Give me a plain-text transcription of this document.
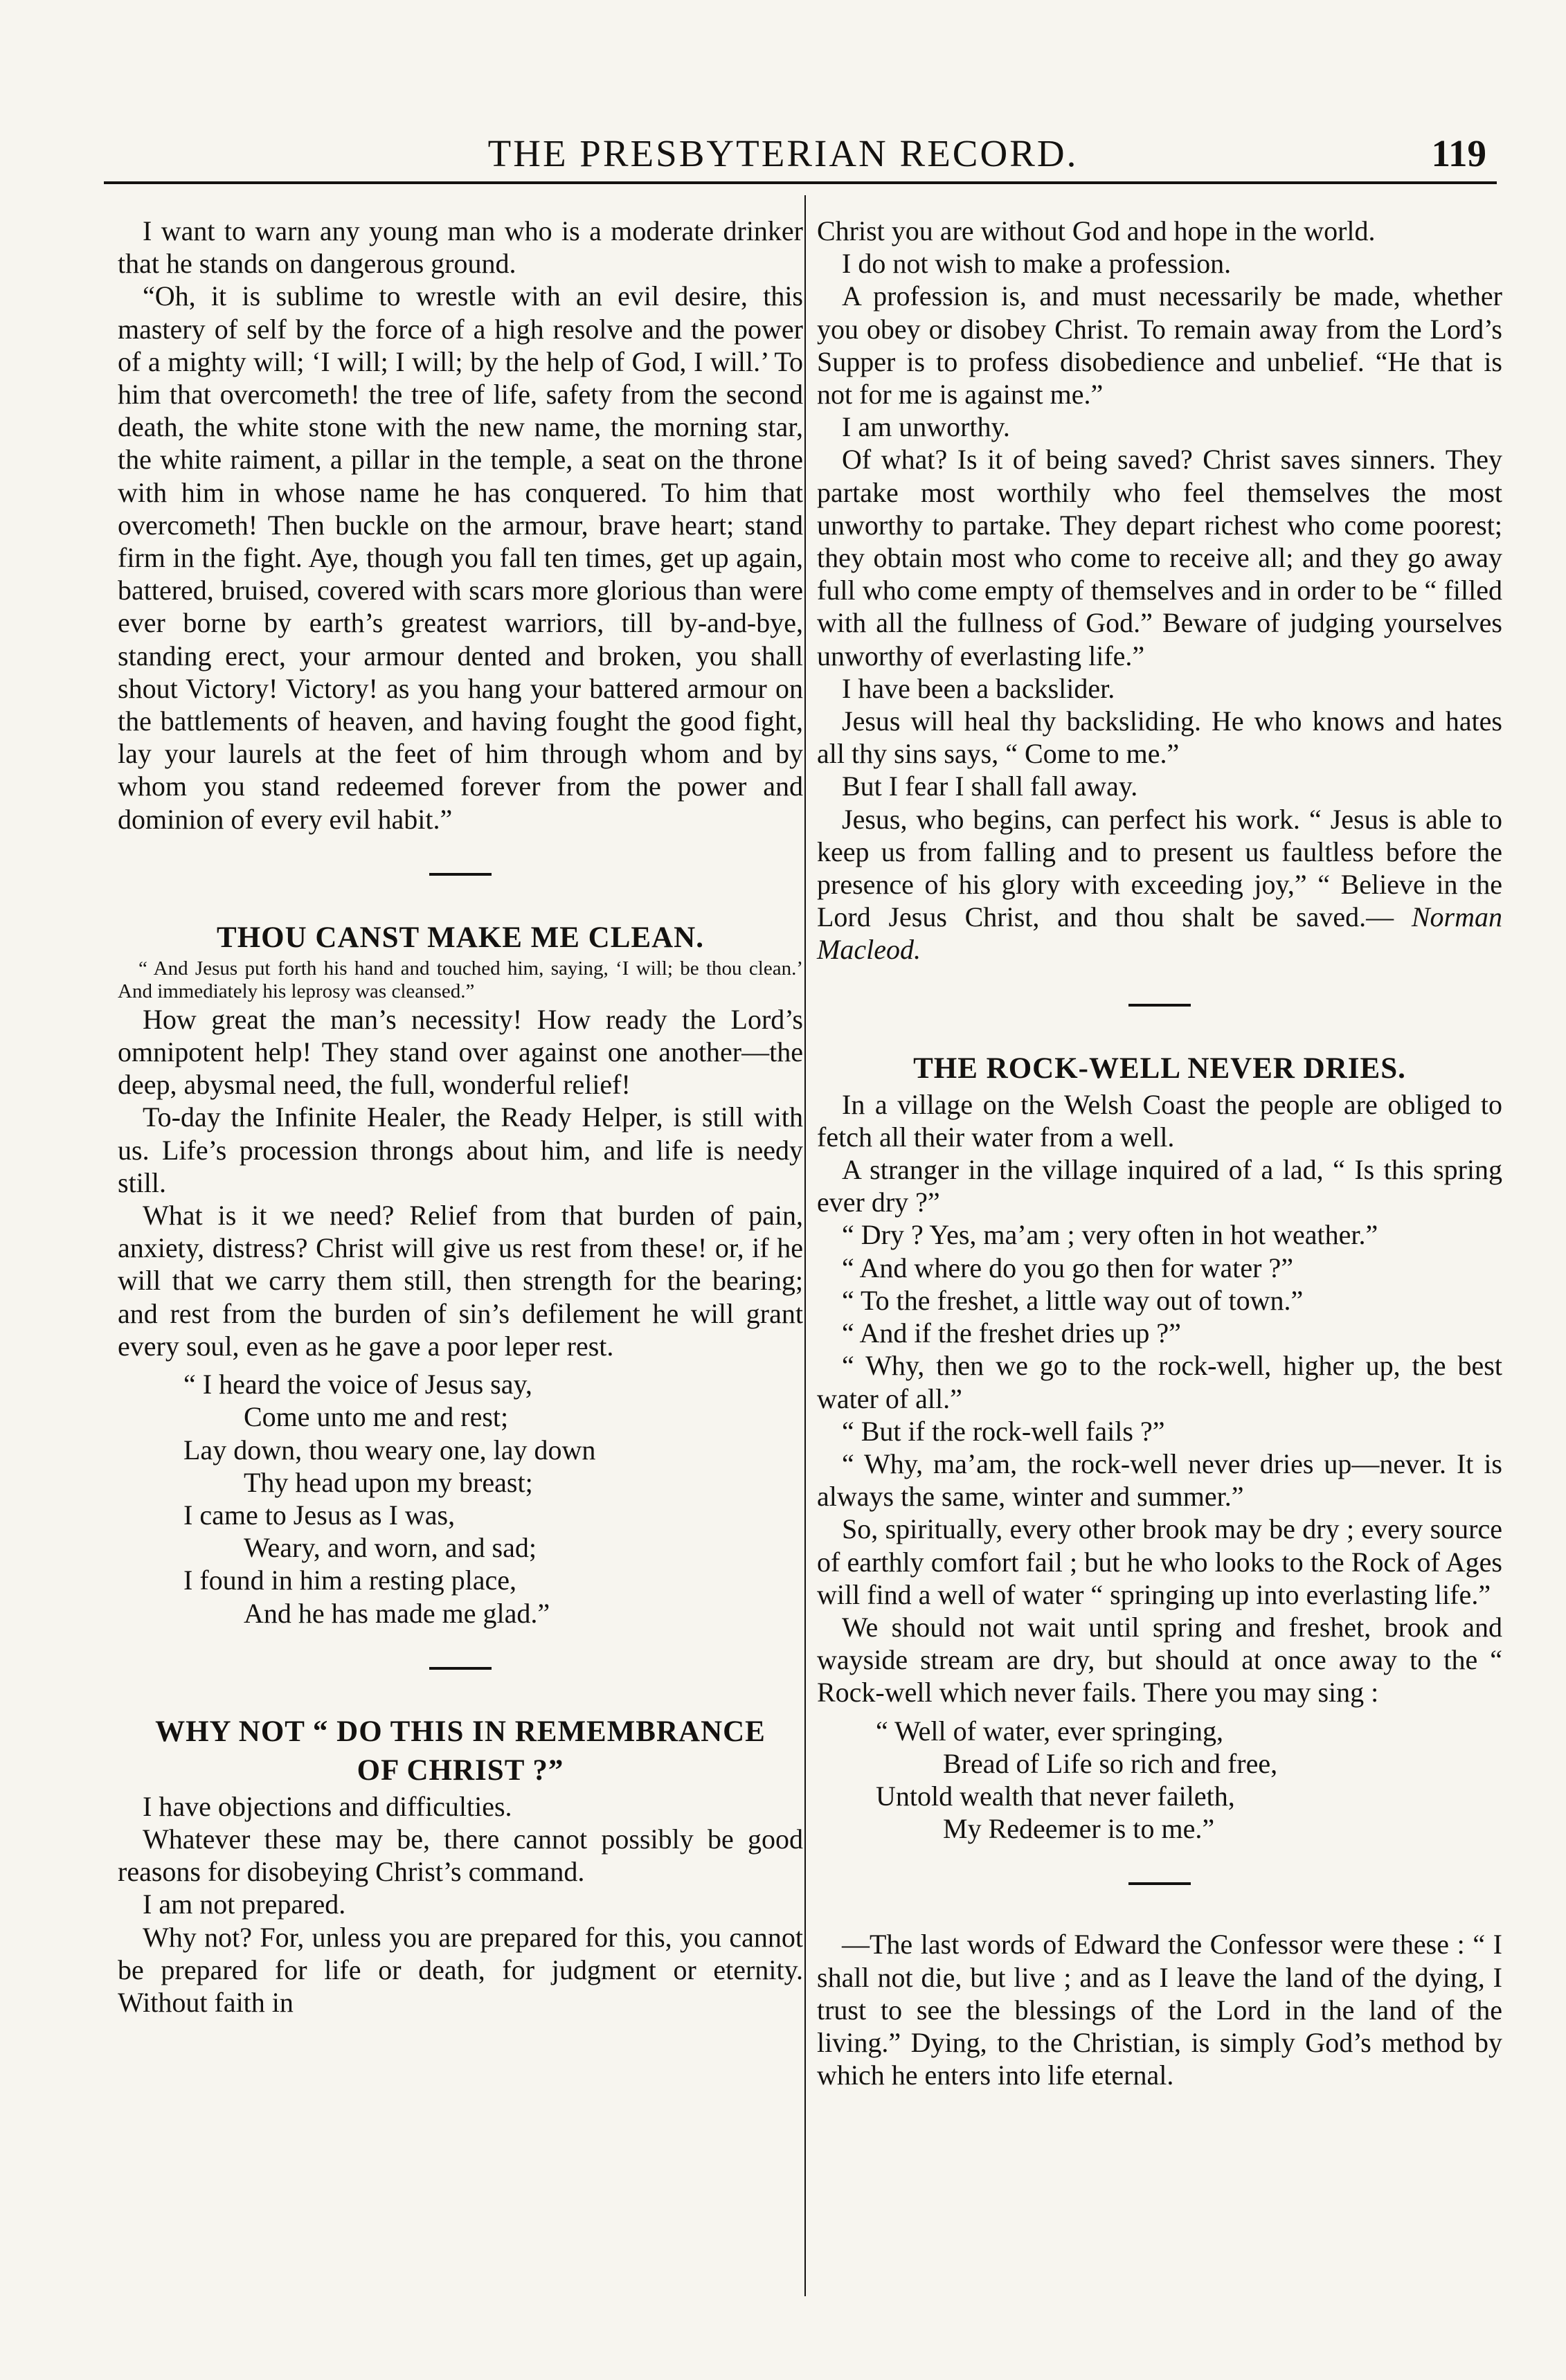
THE PRESBYTERIAN RECORD.	119

I want to warn any young man who is a moderate drinker that he stands on dangerous ground.

“Oh, it is sublime to wrestle with an evil desire, this mastery of self by the force of a high resolve and the power of a mighty will; ‘I will; I will; by the help of God, I will.’ To him that overcometh! the tree of life, safety from the second death, the white stone with the new name, the morning star, the white raiment, a pillar in the temple, a seat on the throne with him in whose name he has conquered. To him that overcometh! Then buckle on the armour, brave heart; stand firm in the fight. Aye, though you fall ten times, get up again, battered, bruised, covered with scars more glorious than were ever borne by earth’s greatest warriors, till by-and-bye, standing erect, your armour dented and broken, you shall shout Victory! Victory! as you hang your battered armour on the battlements of heaven, and having fought the good fight, lay your laurels at the feet of him through whom and by whom you stand redeemed forever from the power and dominion of every evil habit.”

THOU CANST MAKE ME CLEAN.

“ And Jesus put forth his hand and touched him, saying, ‘I will; be thou clean.’ And immediately his leprosy was cleansed.”

How great the man’s necessity! How ready the Lord’s omnipotent help! They stand over against one another—the deep, abysmal need, the full, wonderful relief!

To-day the Infinite Healer, the Ready Helper, is still with us. Life’s procession throngs about him, and life is needy still.

What is it we need? Relief from that burden of pain, anxiety, distress? Christ will give us rest from these! or, if he will that we carry them still, then strength for the bearing; and rest from the burden of sin’s defilement he will grant every soul, even as he gave a poor leper rest.

“ I heard the voice of Jesus say,
Come unto me and rest;
Lay down, thou weary one, lay down
Thy head upon my breast;
I came to Jesus as I was,
Weary, and worn, and sad;
I found in him a resting place,
And he has made me glad.”
WHY NOT “ DO THIS IN REMEMBRANCE
OF CHRIST ?”

I have objections and difficulties.

Whatever these may be, there cannot possibly be good reasons for disobeying Christ’s command.

I am not prepared.

Why not? For, unless you are prepared for this, you cannot be prepared for life or death, for judgment or eternity. Without faith in

Christ you are without God and hope in the world.

I do not wish to make a profession.

A profession is, and must necessarily be made, whether you obey or disobey Christ. To remain away from the Lord’s Supper is to profess disobedience and unbelief. “He that is not for me is against me.”

I am unworthy.

Of what? Is it of being saved? Christ saves sinners. They partake most worthily who feel themselves the most unworthy to partake. They depart richest who come poorest; they obtain most who come to receive all; and they go away full who come empty of themselves and in order to be “ filled with all the fullness of God.” Beware of judging yourselves unworthy of everlasting life.”

I have been a backslider.

Jesus will heal thy backsliding. He who knows and hates all thy sins says, “ Come to me.”

But I fear I shall fall away.

Jesus, who begins, can perfect his work. “ Jesus is able to keep us from falling and to present us faultless before the presence of his glory with exceeding joy,” “ Believe in the Lord Jesus Christ, and thou shalt be saved.— Norman Macleod.

THE ROCK-WELL NEVER DRIES.

In a village on the Welsh Coast the people are obliged to fetch all their water from a well.

A stranger in the village inquired of a lad, “ Is this spring ever dry ?”

“ Dry ? Yes, ma’am ; very often in hot weather.”

“ And where do you go then for water ?”

“ To the freshet, a little way out of town.”

“ And if the freshet dries up ?”

“ Why, then we go to the rock-well, higher up, the best water of all.”

“ But if the rock-well fails ?”

“ Why, ma’am, the rock-well never dries up—never. It is always the same, winter and summer.”

So, spiritually, every other brook may be dry ; every source of earthly comfort fail ; but he who looks to the Rock of Ages will find a well of water “ springing up into everlasting life.”

We should not wait until spring and freshet, brook and wayside stream are dry, but should at once away to the “ Rock-well which never fails. There you may sing :

“ Well of water, ever springing,
Bread of Life so rich and free,
Untold wealth that never faileth,
My Redeemer is to me.”

—The last words of Edward the Confessor were these : “ I shall not die, but live ; and as I leave the land of the dying, I trust to see the blessings of the Lord in the land of the living.” Dying, to the Christian, is simply God’s method by which he enters into life eternal.
